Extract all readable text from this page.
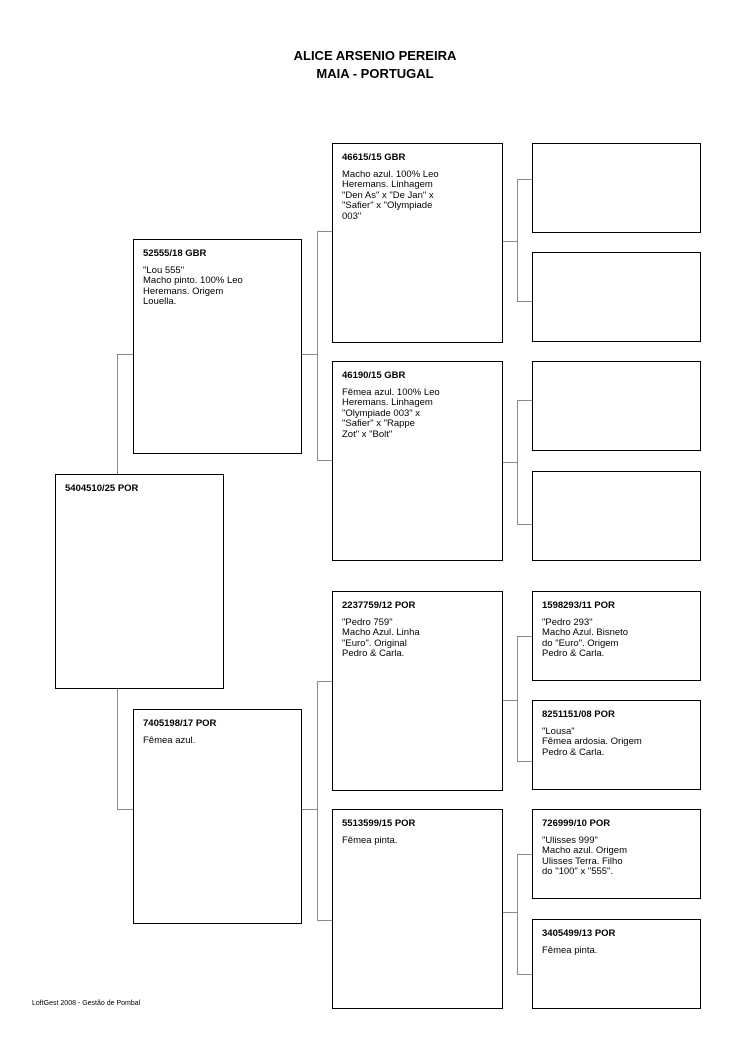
ALICE ARSENIO PEREIRA
MAIA - PORTUGAL
5404510/25 POR
52555/18 GBR
"Lou 555"
Macho pinto. 100% Leo
Heremans. Origem
Louella.
7405198/17 POR
Fêmea azul.
46615/15 GBR
Macho azul. 100% Leo
Heremans. Linhagem
"Den As" x "De Jan" x
"Safier" x "Olympiade
003"
46190/15 GBR
Fêmea azul. 100% Leo
Heremans. Linhagem
"Olympiade 003" x
"Safier" x "Rappe
Zot" x "Bolt"
2237759/12 POR
"Pedro 759"
Macho Azul. Linha
"Euro". Original
Pedro & Carla.
5513599/15 POR
Fêmea pinta.
1598293/11 POR
"Pedro 293"
Macho Azul. Bisneto
do "Euro". Origem
Pedro & Carla.
8251151/08 POR
"Lousa"
Fêmea ardosia. Origem
Pedro & Carla.
726999/10 POR
"Ulisses 999"
Macho azul. Origem
Ulisses Terra. Filho
do "100" x "555".
3405499/13 POR
Fêmea pinta.
LoftGest 2008 - Gestão de Pombal
